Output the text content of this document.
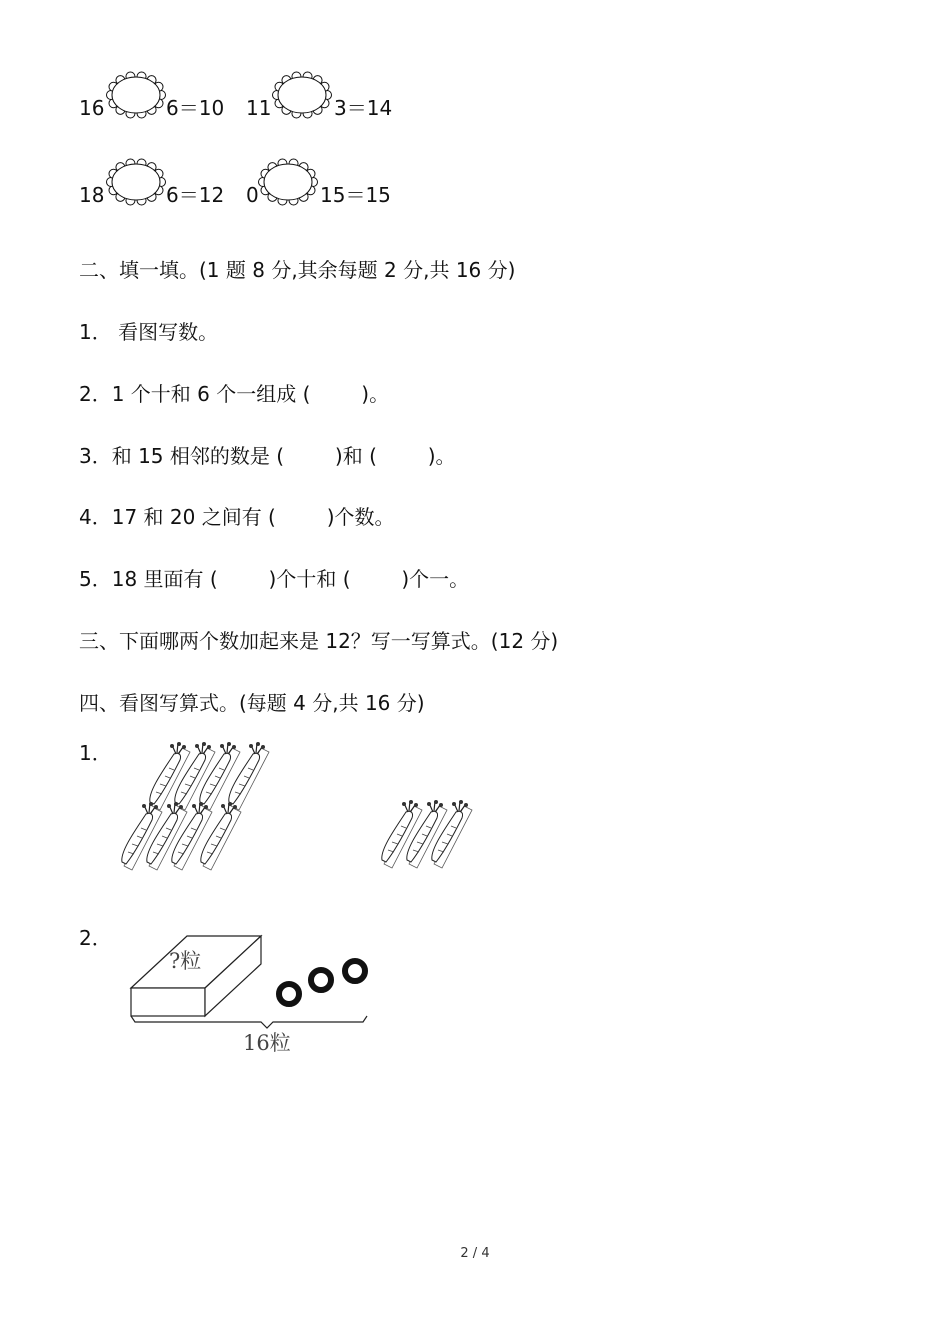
16	6＝10 11	3＝14
18	6＝12 0	15＝15
二、填一填。(1 题 8 分,其余每题 2 分,共 16 分)
1． 看图写数。
2．1 个十和 6 个一组成 (        )。
3．和 15 相邻的数是 (        )和 (        )。
4．17 和 20 之间有 (        )个数。
5．18 里面有 (        )个十和 (        )个一。
三、下面哪两个数加起来是 12？写一写算式。(12 分)
四、看图写算式。(每题 4 分,共 16 分)
1．
2．
?粒
16粒
2 / 4
